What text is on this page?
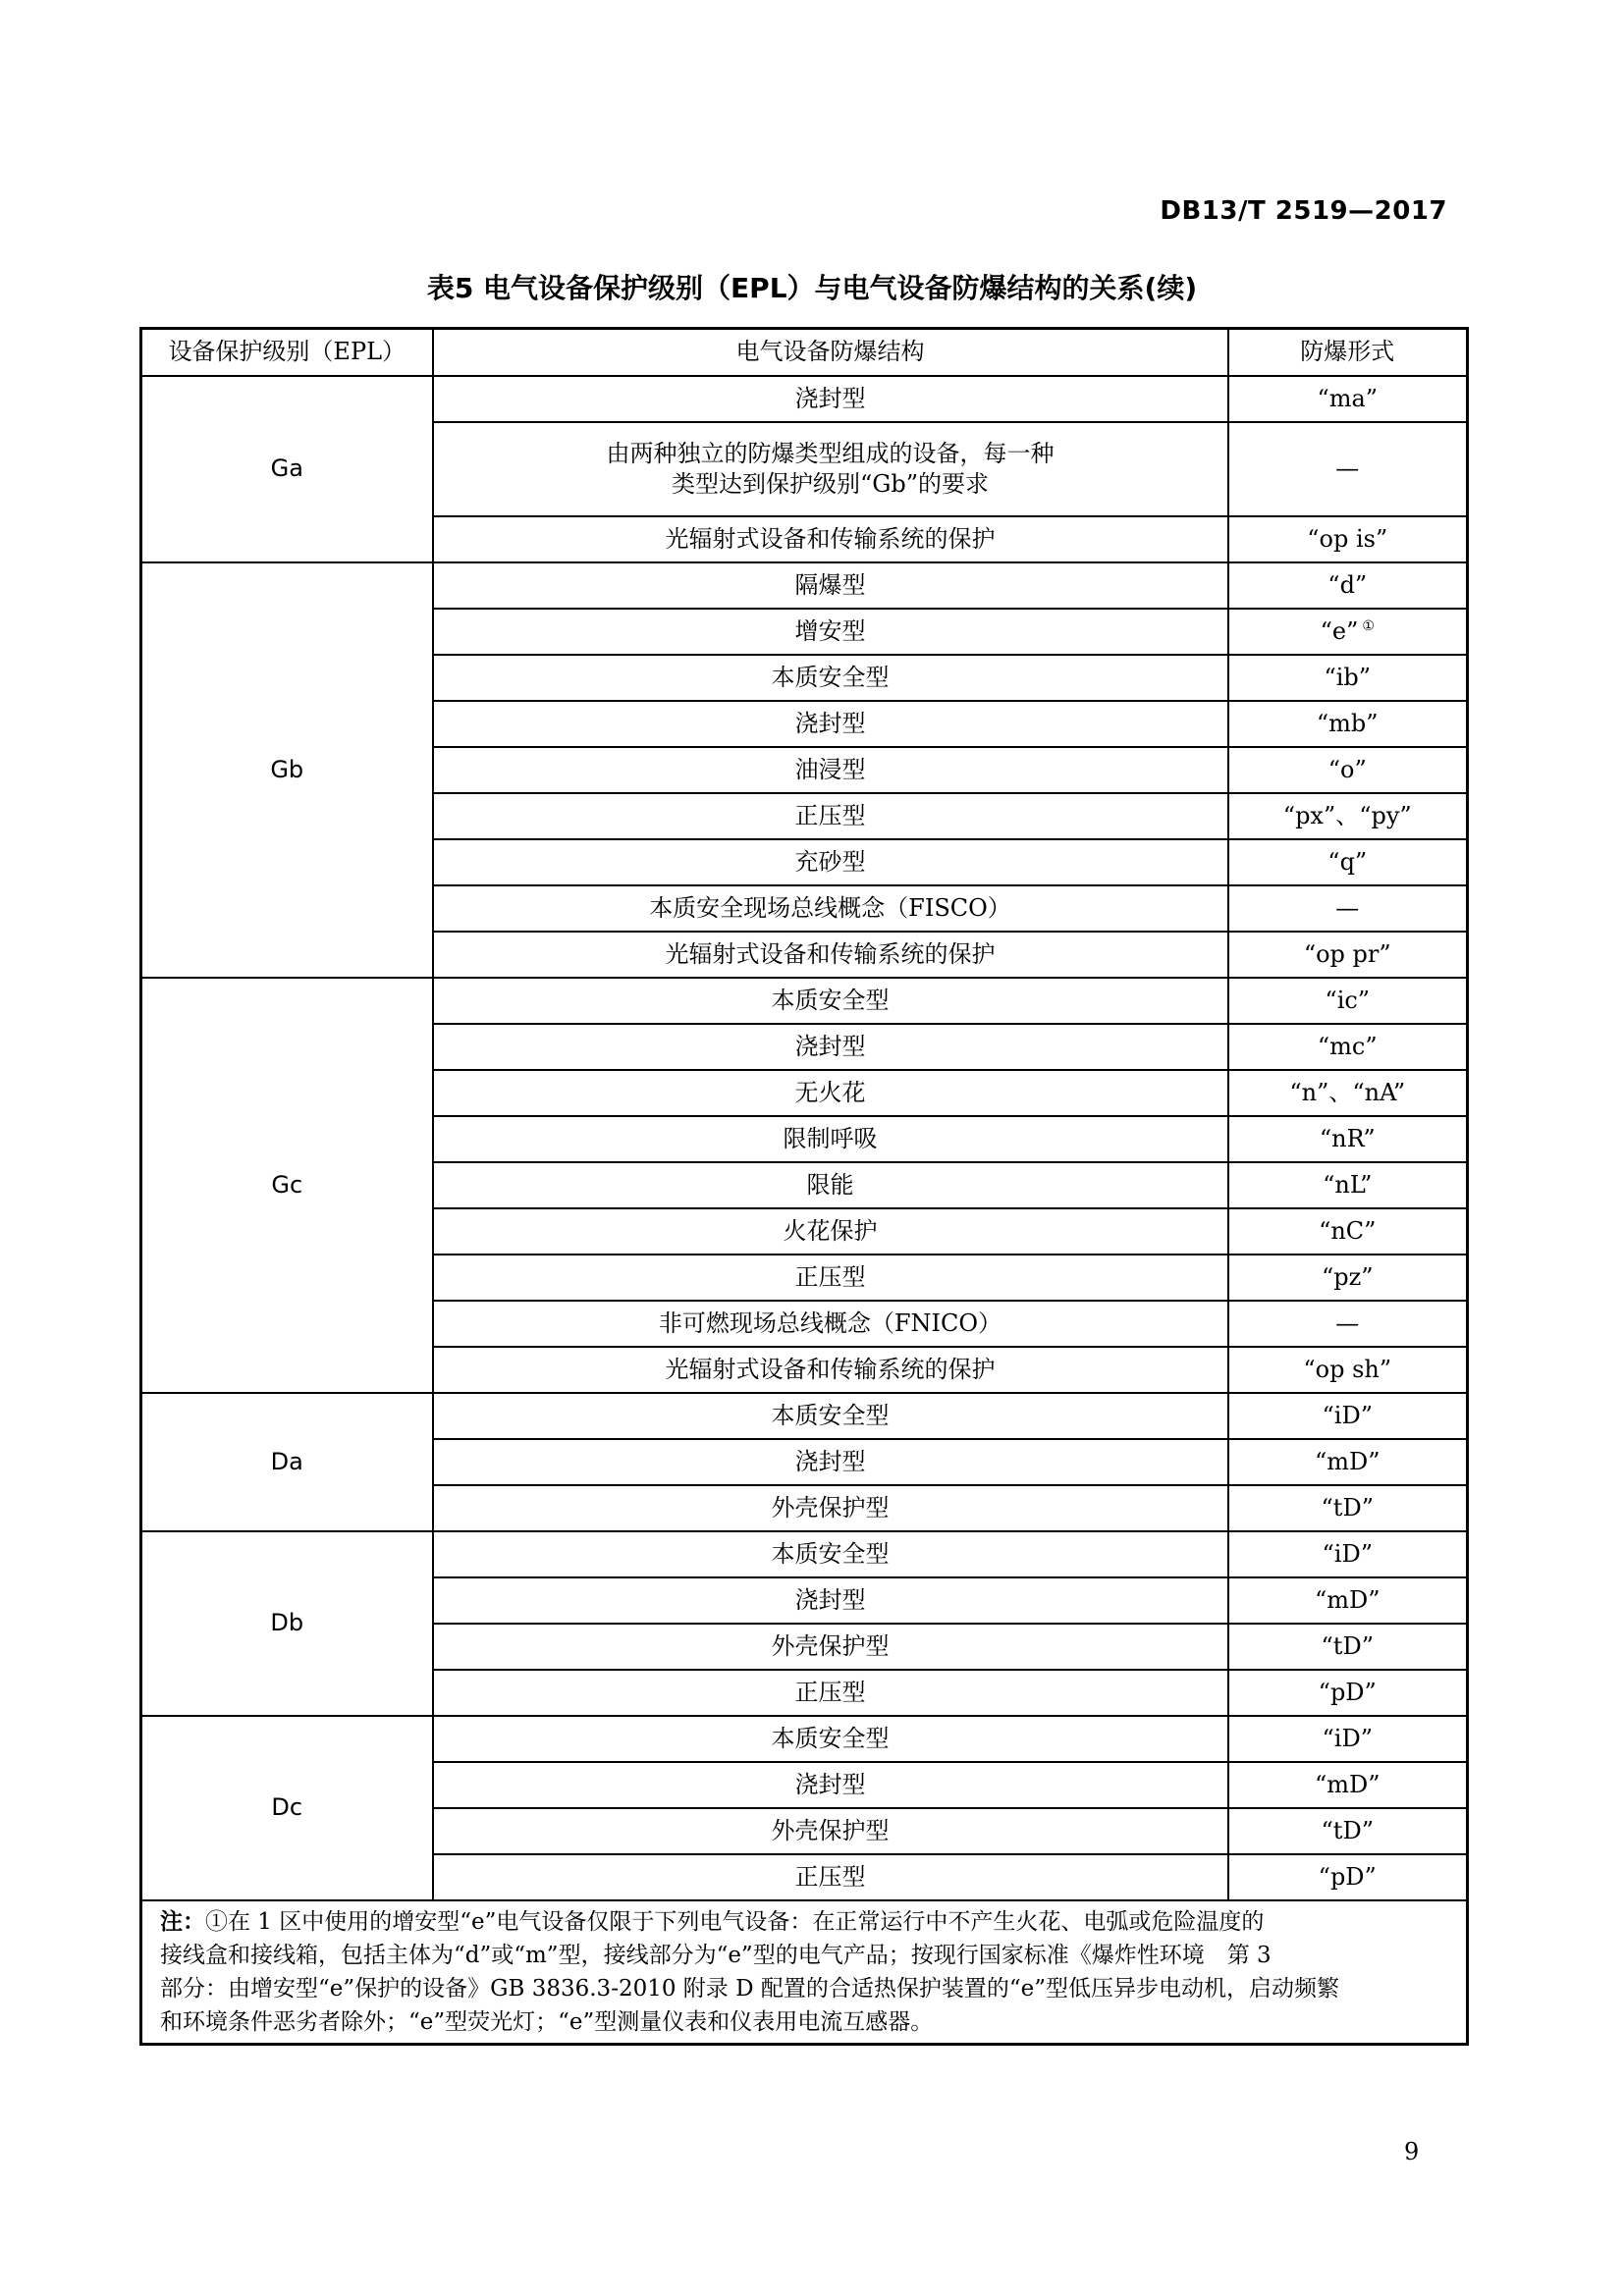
DB13/T 2519—2017
表5 电气设备保护级别（EPL）与电气设备防爆结构的关系(续)
设备保护级别（EPL）	电气设备防爆结构	防爆形式
Ga	浇封型	“ma”

	由两种独立的防爆类型组成的设备，每一种
类型达到保护级别“Gb”的要求	—
	光辐射式设备和传输系统的保护	“op is”
Gb	隔爆型	“d”
	增安型	“e” ①
	本质安全型	“ib”
	浇封型	“mb”
	油浸型	“o”
	正压型	“px”、“py”
	充砂型	“q”
	本质安全现场总线概念（FISCO）	—
	光辐射式设备和传输系统的保护	“op pr”
Gc	本质安全型	“ic”
	浇封型	“mc”
	无火花	“n”、“nA”
	限制呼吸	“nR”
	限能	“nL”
	火花保护	“nC”
	正压型	“pz”
	非可燃现场总线概念（FNICO）	—
	光辐射式设备和传输系统的保护	“op sh”
Da	本质安全型	“iD”
	浇封型	“mD”
	外壳保护型	“tD”
Db	本质安全型	“iD”
	浇封型	“mD”
	外壳保护型	“tD”
	正压型	“pD”
Dc	本质安全型	“iD”
	浇封型	“mD”
	外壳保护型	“tD”
	正压型	“pD”

注：①在 1 区中使用的增安型“e”电气设备仅限于下列电气设备：在正常运行中不产生火花、电弧或危险温度的
接线盒和接线箱，包括主体为“d”或“m”型，接线部分为“e”型的电气产品；按现行国家标准《爆炸性环境　第 3
部分：由增安型“e”保护的设备》GB 3836.3-2010 附录 D 配置的合适热保护装置的“e”型低压异步电动机，启动频繁
和环境条件恶劣者除外；“e”型荧光灯；“e”型测量仪表和仪表用电流互感器。		
9
